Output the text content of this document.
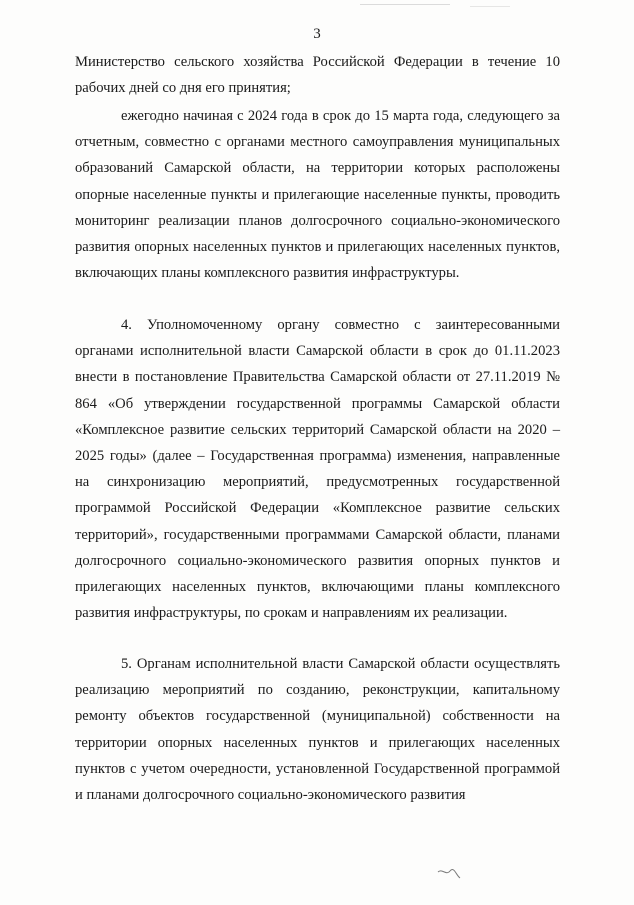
3

Министерство сельского хозяйства Российской Федерации в течение 10 рабочих дней со дня его принятия;

ежегодно начиная с 2024 года в срок до 15 марта года, следующего за отчетным, совместно с органами местного самоуправления муниципальных образований Самарской области, на территории которых расположены опорные населенные пункты и прилегающие населенные пункты, проводить мониторинг реализации планов долгосрочного социально-экономического развития опорных населенных пунктов и прилегающих населенных пунктов, включающих планы комплексного развития инфраструктуры.

4. Уполномоченному органу совместно с заинтересованными органами исполнительной власти Самарской области в срок до 01.11.2023 внести в постановление Правительства Самарской области от 27.11.2019 № 864 «Об утверждении государственной программы Самарской области «Комплексное развитие сельских территорий Самарской области на 2020 – 2025 годы» (далее – Государственная программа) изменения, направленные на синхронизацию мероприятий, предусмотренных государственной программой Российской Федерации «Комплексное развитие сельских территорий», государственными программами Самарской области, планами долгосрочного социально-экономического развития опорных пунктов и прилегающих населенных пунктов, включающими планы комплексного развития инфраструктуры, по срокам и направлениям их реализации.

5. Органам исполнительной власти Самарской области осуществлять реализацию мероприятий по созданию, реконструкции, капитальному ремонту объектов государственной (муниципальной) собственности на территории опорных населенных пунктов и прилегающих населенных пунктов с учетом очередности, установленной Государственной программой и планами долгосрочного социально-экономического развития
